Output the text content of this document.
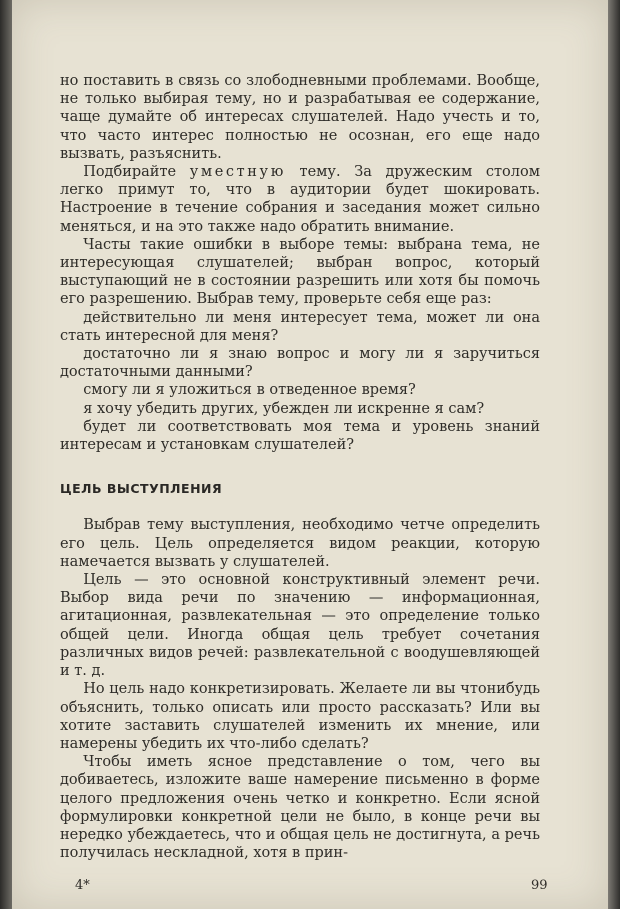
но поставить в связь со злободневными проблемами. Вообще, не только выбирая тему, но и разрабатывая ее содержание, чаще думайте об интересах слушателей. Надо учесть и то, что часто интерес полностью не осознан, его еще надо вызвать, разъяснить.

Подбирайте уместную тему. За дружеским столом легко примут то, что в аудитории будет шокировать. Настроение в течение собрания и заседания может сильно меняться, и на это также надо обратить внимание.

Часты такие ошибки в выборе темы: выбрана тема, не интересующая слушателей; выбран вопрос, который выступающий не в состоянии разрешить или хотя бы помочь его разрешению. Выбрав тему, проверьте себя еще раз:

действительно ли меня интересует тема, может ли она стать интересной для меня?

достаточно ли я знаю вопрос и могу ли я заручиться достаточными данными?

смогу ли я уложиться в отведенное время?

я хочу убедить других, убежден ли искренне я сам?

будет ли соответствовать моя тема и уровень знаний интересам и установкам слушателей?

ЦЕЛЬ ВЫСТУПЛЕНИЯ

Выбрав тему выступления, необходимо четче определить его цель. Цель определяется видом реакции, которую намечается вызвать у слушателей.

Цель — это основной конструктивный элемент речи. Выбор вида речи по значению — информационная, агитационная, развлекательная — это определение только общей цели. Иногда общая цель требует сочетания различных видов речей: развлекательной с воодушевляющей и т. д.

Но цель надо конкретизировать. Желаете ли вы чтонибудь объяснить, только описать или просто рассказать? Или вы хотите заставить слушателей изменить их мнение, или намерены убедить их что-либо сделать?

Чтобы иметь ясное представление о том, чего вы добиваетесь, изложите ваше намерение письменно в форме целого предложения очень четко и конкретно. Если ясной формулировки конкретной цели не было, в конце речи вы нередко убеждаетесь, что и общая цель не достигнута, а речь получилась нескладной, хотя в прин-

4*	99
